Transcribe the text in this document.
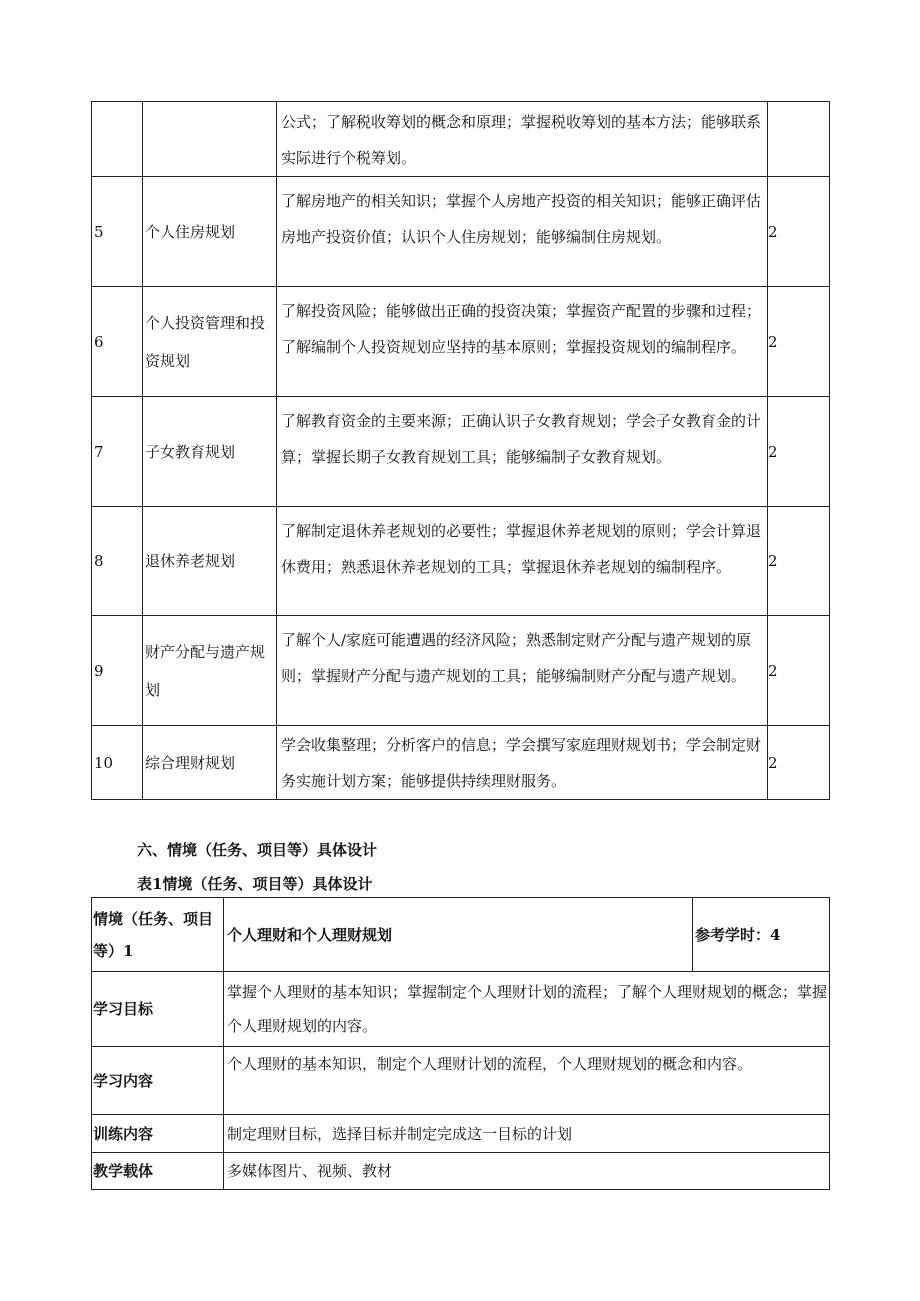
		公式；了解税收筹划的概念和原理；掌握税收筹划的基本方法；能够联系实际进行个税筹划。	
5	个人住房规划	了解房地产的相关知识；掌握个人房地产投资的相关知识；能够正确评估房地产投资价值；认识个人住房规划；能够编制住房规划。	2
6	个人投资管理和投资规划	了解投资风险；能够做出正确的投资决策；掌握资产配置的步骤和过程；了解编制个人投资规划应坚持的基本原则；掌握投资规划的编制程序。	2
7	子女教育规划	了解教育资金的主要来源；正确认识子女教育规划；学会子女教育金的计算；掌握长期子女教育规划工具；能够编制子女教育规划。	2
8	退休养老规划	了解制定退休养老规划的必要性；掌握退休养老规划的原则；学会计算退休费用；熟悉退休养老规划的工具；掌握退休养老规划的编制程序。	2
9	财产分配与遗产规划	了解个人/家庭可能遭遇的经济风险；熟悉制定财产分配与遗产规划的原则；掌握财产分配与遗产规划的工具；能够编制财产分配与遗产规划。	2
10	综合理财规划	学会收集整理；分析客户的信息；学会撰写家庭理财规划书；学会制定财务实施计划方案；能够提供持续理财服务。	2
六、情境（任务、项目等）具体设计
表1情境（任务、项目等）具体设计
情境（任务、项目等）1	个人理财和个人理财规划	参考学时：4
学习目标	掌握个人理财的基本知识；掌握制定个人理财计划的流程；了解个人理财规划的概念；掌握个人理财规划的内容。	
学习内容	个人理财的基本知识，制定个人理财计划的流程，个人理财规划的概念和内容。	
训练内容	制定理财目标，选择目标并制定完成这一目标的计划	
教学载体	多媒体图片、视频、教材	
